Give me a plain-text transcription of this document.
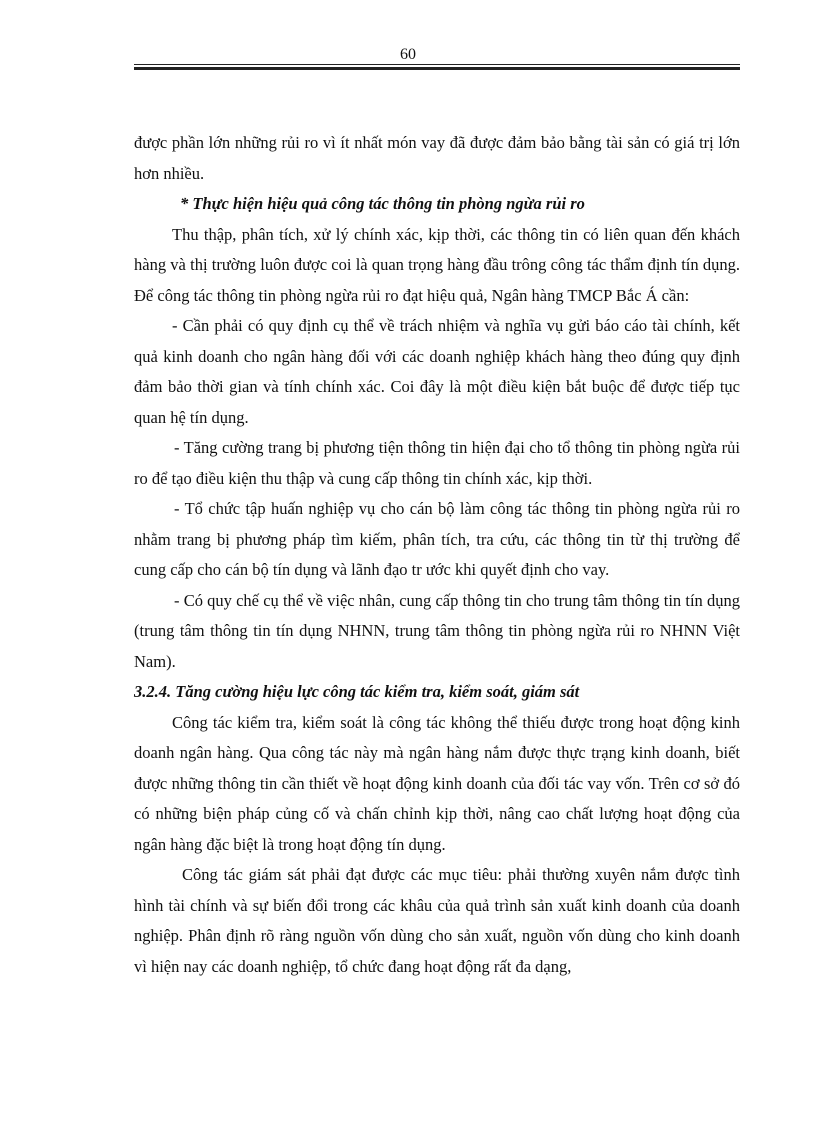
60

được phần lớn những rủi ro vì ít nhất món vay đã được đảm bảo bằng tài sản có giá trị lớn hơn nhiều.

* Thực hiện hiệu quả công tác thông tin phòng ngừa rủi ro

Thu thập, phân tích, xử lý chính xác, kịp thời, các thông tin có liên quan đến khách hàng và thị trường luôn được coi là quan trọng hàng đầu trông công tác thẩm định tín dụng. Để công tác thông tin phòng ngừa rủi ro đạt hiệu quả, Ngân hàng TMCP Bắc Á cần:

- Cần phải có quy định cụ thể về trách nhiệm và nghĩa vụ gửi báo cáo tài chính, kết quả kinh doanh cho ngân hàng đối với các doanh nghiệp khách hàng theo đúng quy định đảm bảo thời gian và tính chính xác. Coi đây là một điều kiện bắt buộc để được tiếp tục quan hệ tín dụng.

- Tăng cường trang bị phương tiện thông tin hiện đại cho tổ thông tin phòng ngừa rủi ro để tạo điều kiện thu thập và cung cấp thông tin chính xác, kịp thời.

- Tổ chức tập huấn nghiệp vụ cho cán bộ làm công tác thông tin phòng ngừa rủi ro nhằm trang bị phương pháp tìm kiếm, phân tích, tra cứu, các thông tin từ thị trường để cung cấp cho cán bộ tín dụng và lãnh đạo tr ước khi quyết định cho vay.

- Có quy chế cụ thể về việc nhân, cung cấp thông tin cho trung tâm thông tin tín dụng (trung tâm thông tin tín dụng NHNN, trung tâm thông tin phòng ngừa rủi ro NHNN Việt Nam).

3.2.4. Tăng cường hiệu lực công tác kiểm tra, kiểm soát, giám sát

Công tác kiểm tra, kiểm soát là công tác không thể thiếu được trong hoạt động kinh doanh ngân hàng. Qua công tác này mà ngân hàng nắm được thực trạng kinh doanh, biết được những thông tin cần thiết về hoạt động kinh doanh của đối tác vay vốn. Trên cơ sở đó có những biện pháp củng cố và chấn chỉnh kịp thời, nâng cao chất lượng hoạt động của ngân hàng đặc biệt là trong hoạt động tín dụng.

Công tác giám sát phải đạt được các mục tiêu: phải thường xuyên nắm được tình hình tài chính và sự biến đổi trong các khâu của quả trình sản xuất kinh doanh của doanh nghiệp. Phân định rõ ràng nguồn vốn dùng cho sản xuất, nguồn vốn dùng cho kinh doanh vì hiện nay các doanh nghiệp, tổ chức đang hoạt động rất đa dạng,
